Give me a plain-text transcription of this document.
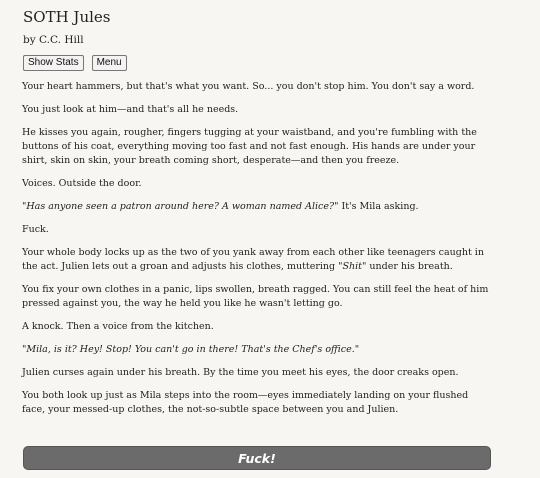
SOTH Jules
by C.C. Hill
Show Stats	Menu

Your heart hammers, but that's what you want. So... you don't stop him. You don't say a word.

You just look at him—and that's all he needs.

He kisses you again, rougher, fingers tugging at your waistband, and you're fumbling with the buttons of his coat, everything moving too fast and not fast enough. His hands are under your shirt, skin on skin, your breath coming short, desperate—and then you freeze.

Voices. Outside the door.

"Has anyone seen a patron around here? A woman named Alice?" It's Mila asking.

Fuck.

Your whole body locks up as the two of you yank away from each other like teenagers caught in the act. Julien lets out a groan and adjusts his clothes, muttering "Shit" under his breath.

You fix your own clothes in a panic, lips swollen, breath ragged. You can still feel the heat of him pressed against you, the way he held you like he wasn't letting go.

A knock. Then a voice from the kitchen.

"Mila, is it? Hey! Stop! You can't go in there! That's the Chef's office."

Julien curses again under his breath. By the time you meet his eyes, the door creaks open.

You both look up just as Mila steps into the room—eyes immediately landing on your flushed face, your messed-up clothes, the not-so-subtle space between you and Julien.

Fuck!
